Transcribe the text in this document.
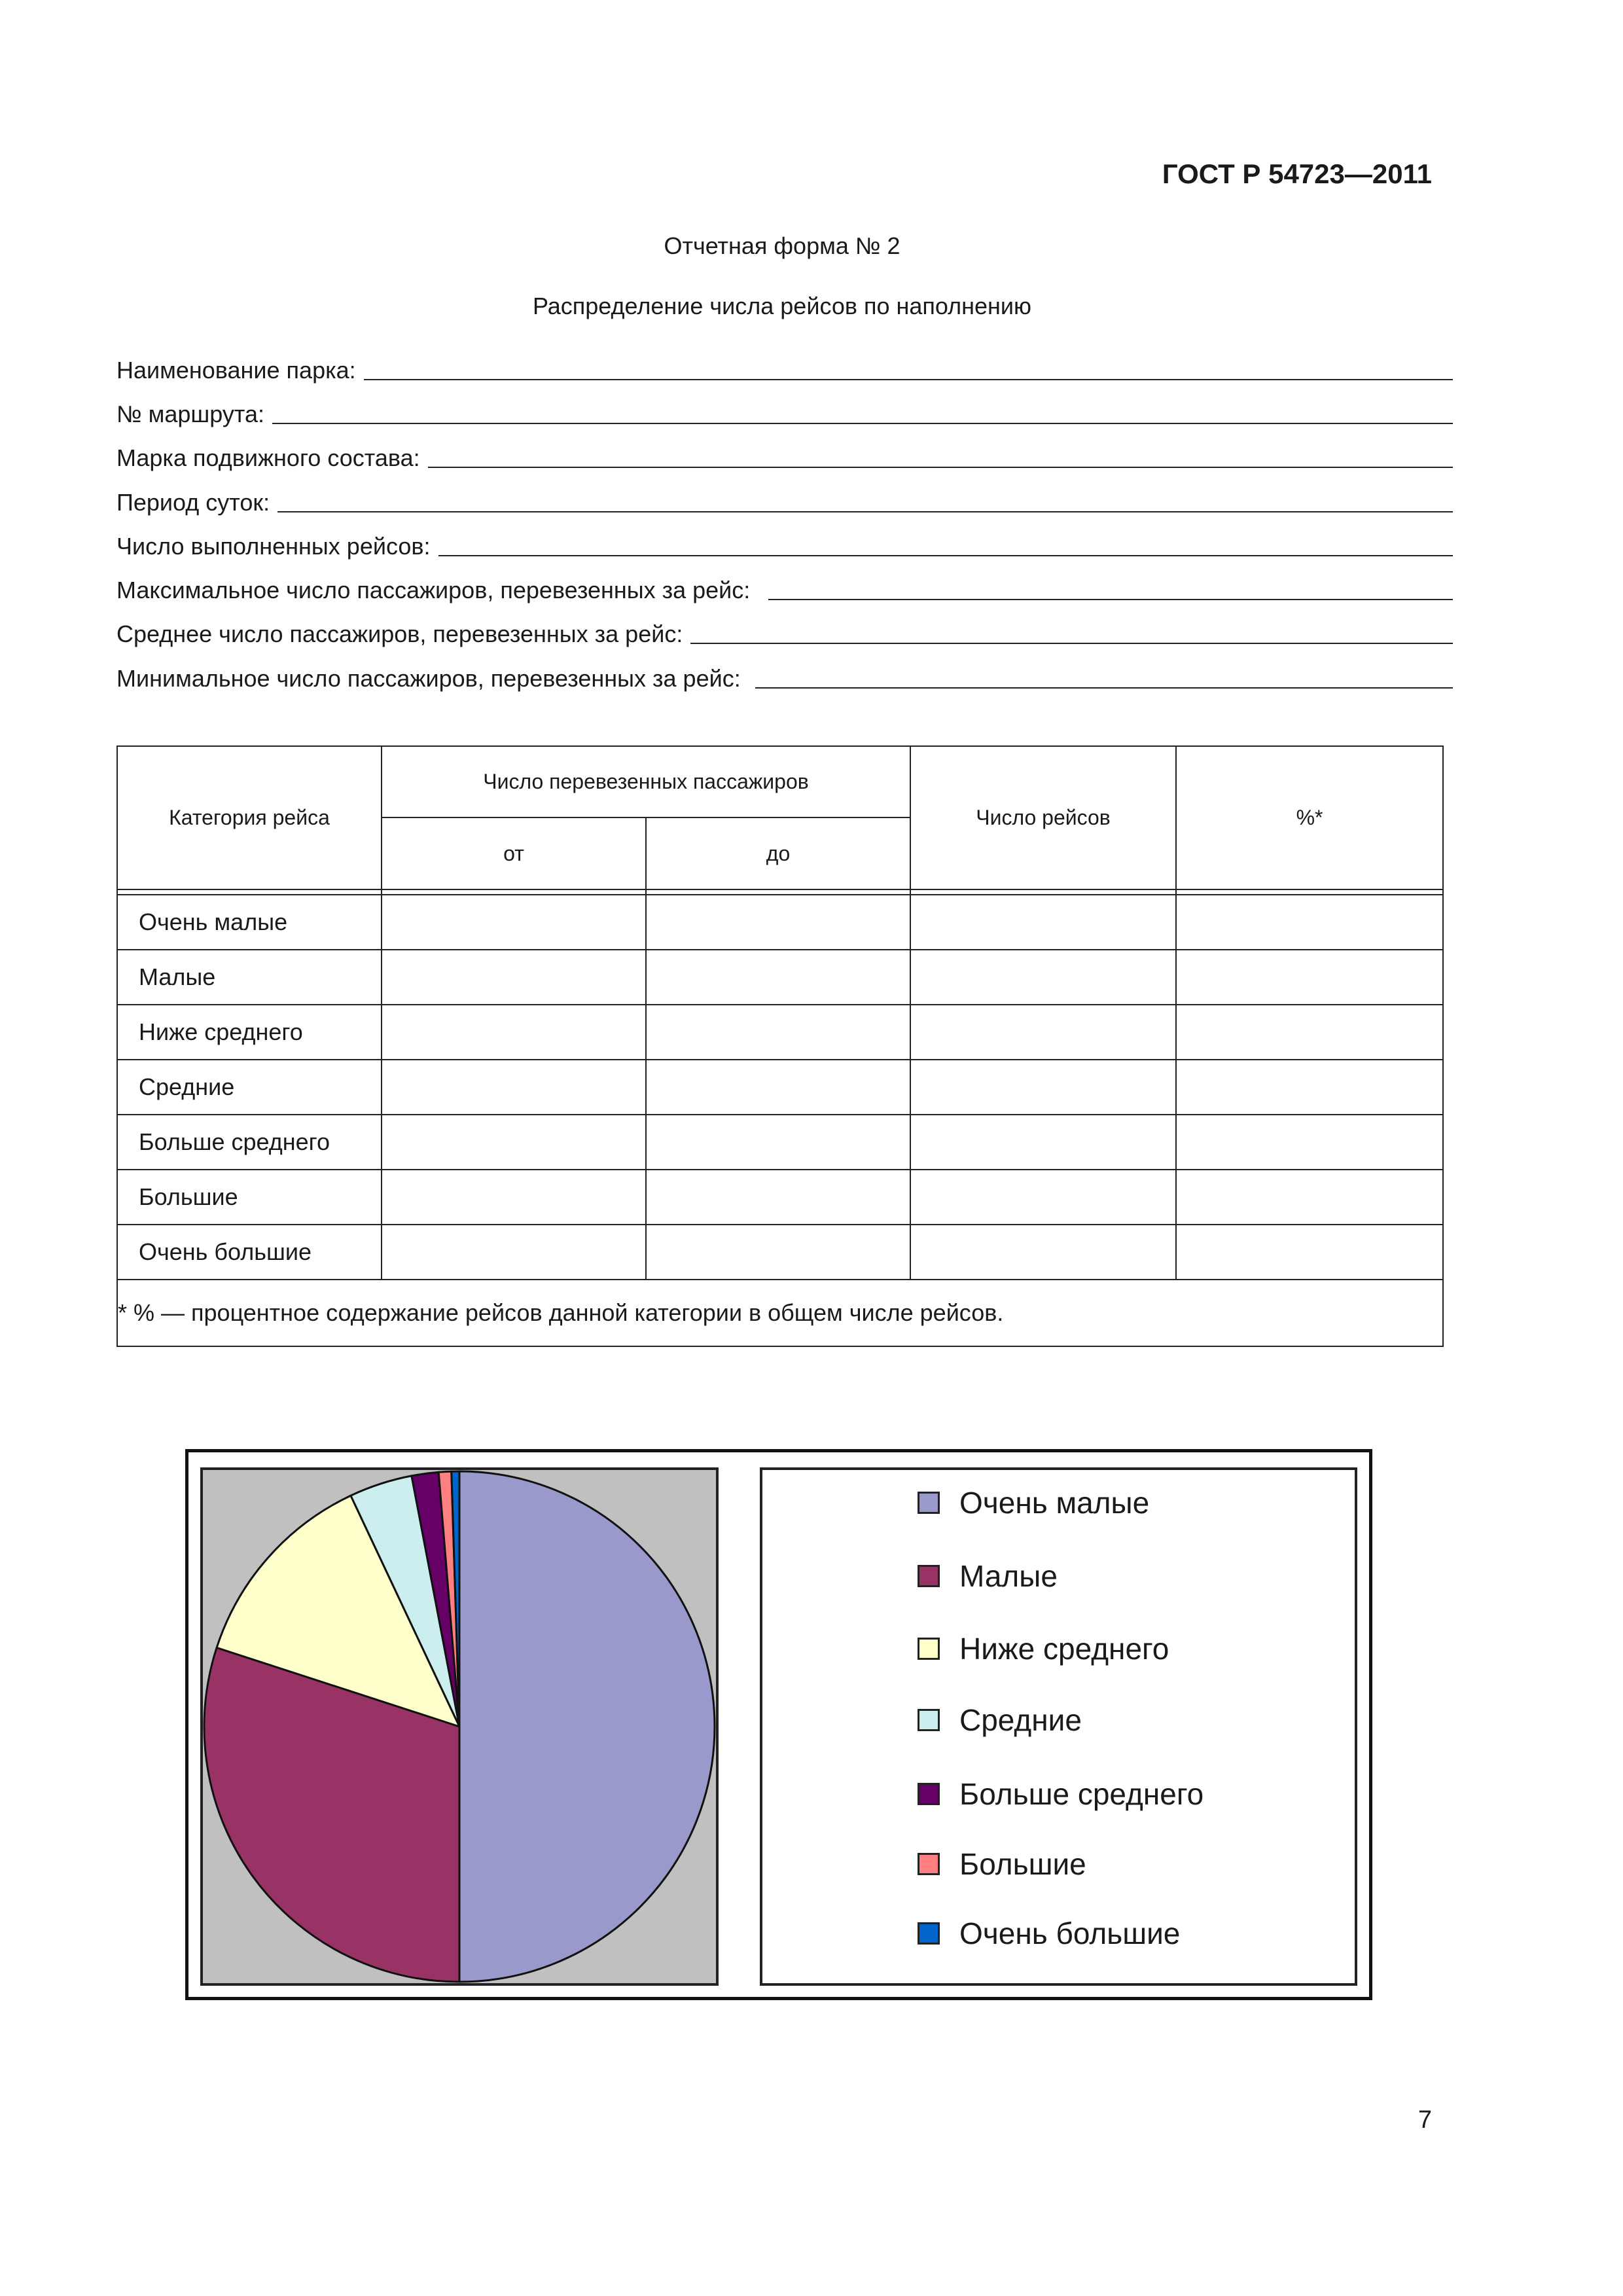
ГОСТ Р 54723—2011
Отчетная форма № 2
Распределение числа рейсов по наполнению
Наименование парка:
№ маршрута:
Марка подвижного состава:
Период суток:
Число выполненных рейсов:
Максимальное число пассажиров, перевезенных за рейс:
Среднее число пассажиров, перевезенных за рейс:
Минимальное число пассажиров, перевезенных за рейс:
Категория рейса	Число перевезенных пассажиров		Число рейсов	%*
	от	до		

Очень малые				
Малые				
Ниже среднего				
Средние				
Больше среднего				
Большие				
Очень большие				
* % — процентное содержание рейсов данной категории в общем числе рейсов.				
Очень малые
Малые
Ниже среднего
Средние
Больше среднего
Большие
Очень большие
7
